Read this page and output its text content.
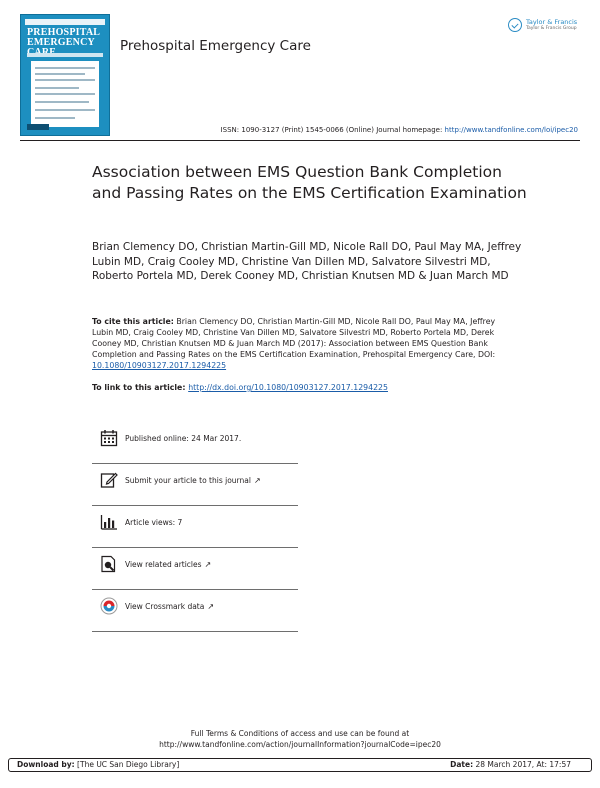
PREHOSPITAL
EMERGENCY	Prehospital Emergency Care
Taylor & Francis
Taylor & Francis Group
ISSN: 1090-3127 (Print) 1545-0066 (Online) Journal homepage: http://www.tandfonline.com/loi/ipec20
Association between EMS Question Bank Completion and Passing Rates on the EMS Certification Examination
Brian Clemency DO, Christian Martin-Gill MD, Nicole Rall DO, Paul May MA, Jeffrey Lubin MD, Craig Cooley MD, Christine Van Dillen MD, Salvatore Silvestri MD, Roberto Portela MD, Derek Cooney MD, Christian Knutsen MD & Juan March MD
To cite this article: Brian Clemency DO, Christian Martin-Gill MD, Nicole Rall DO, Paul May MA, Jeffrey Lubin MD, Craig Cooley MD, Christine Van Dillen MD, Salvatore Silvestri MD, Roberto Portela MD, Derek Cooney MD, Christian Knutsen MD & Juan March MD (2017): Association between EMS Question Bank Completion and Passing Rates on the EMS Certification Examination, Prehospital Emergency Care, DOI: 10.1080/10903127.2017.1294225
To link to this article: http://dx.doi.org/10.1080/10903127.2017.1294225
Published online: 24 Mar 2017.
Submit your article to this journal ↗
Article views: 7
View related articles ↗
View Crossmark data ↗
Full Terms & Conditions of access and use can be found at
http://www.tandfonline.com/action/journalInformation?journalCode=ipec20
Download by: [The UC San Diego Library]	Date: 28 March 2017, At: 17:57
